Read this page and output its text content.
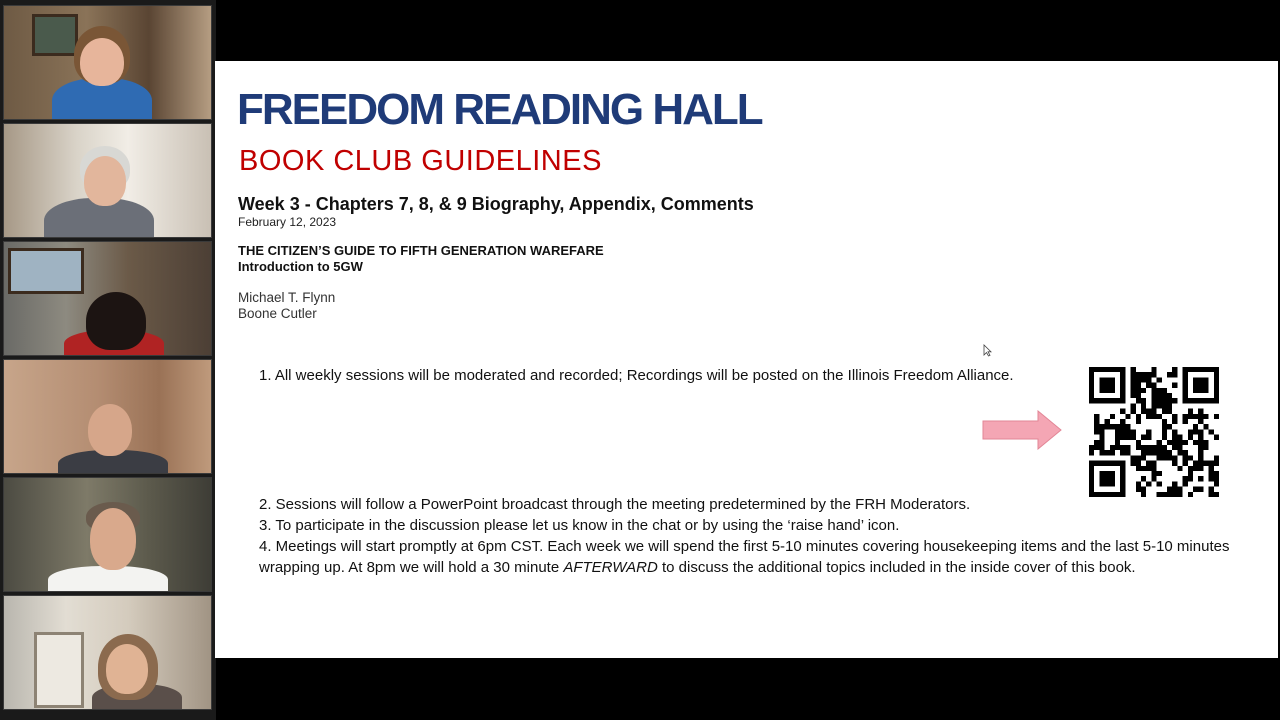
FREEDOM READING HALL
BOOK CLUB GUIDELINES
Week 3 - Chapters 7, 8, & 9 Biography, Appendix, Comments
February 12, 2023
THE CITIZEN’S GUIDE TO FIFTH GENERATION WAREFARE
Introduction to 5GW
Michael T. Flynn
Boone Cutler
1. All weekly sessions will be moderated and recorded; Recordings will be posted on the Illinois Freedom Alliance.

2. Sessions will follow a PowerPoint broadcast through the meeting predetermined by the FRH Moderators.

3. To participate in the discussion please let us know in the chat or by using the ‘raise hand’ icon.

4. Meetings will start promptly at 6pm CST. Each week we will spend the first 5-10 minutes covering housekeeping items and the last 5-10 minutes wrapping up. At 8pm we will hold a 30 minute AFTERWARD to discuss the additional topics included in the inside cover of this book.
